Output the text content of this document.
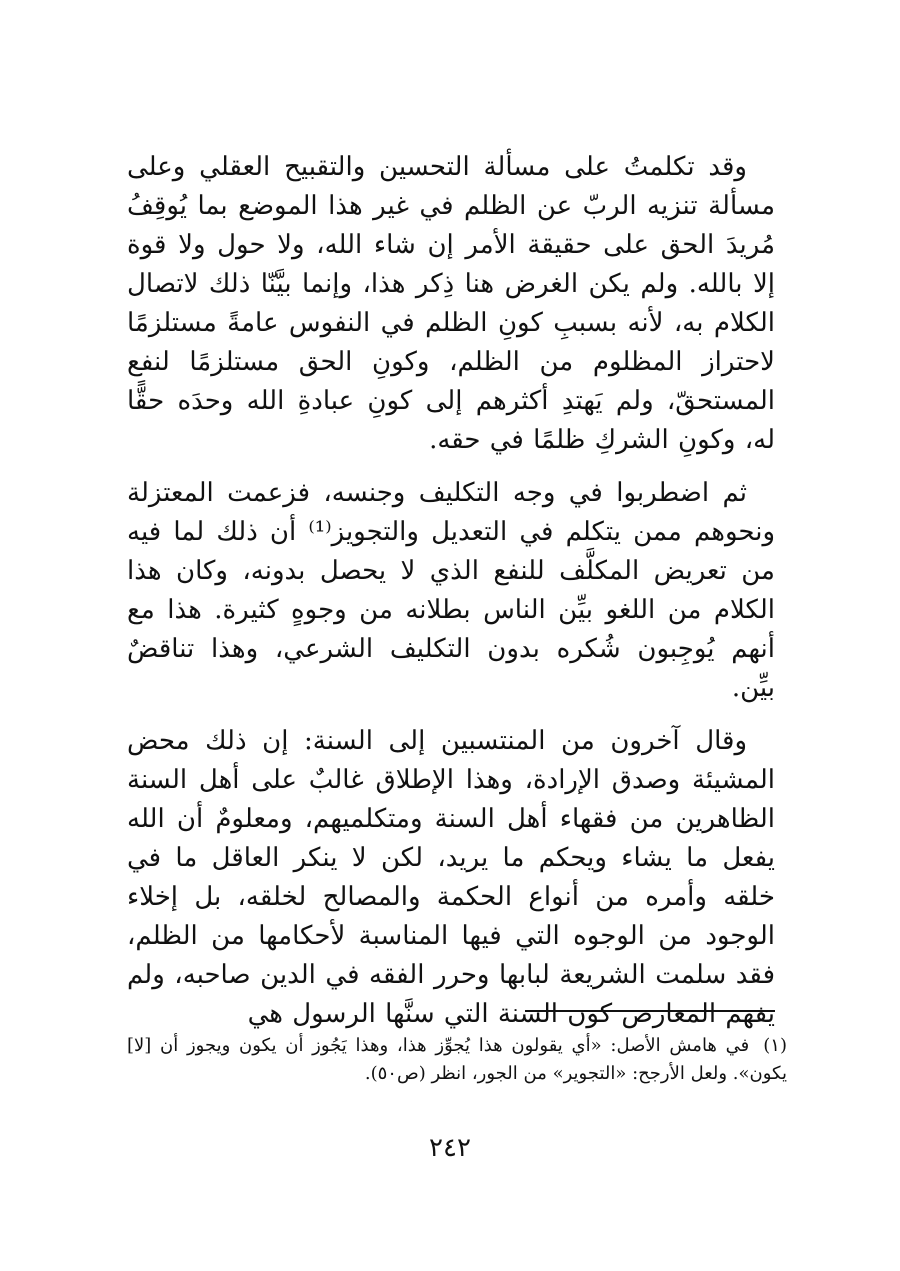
وقد تكلمتُ على مسألة التحسين والتقبيح العقلي وعلى مسألة تنزيه الربّ عن الظلم في غير هذا الموضع بما يُوقِفُ مُريدَ الحق على حقيقة الأمر إن شاء الله، ولا حول ولا قوة إلا بالله. ولم يكن الغرض هنا ذِكر هذا، وإنما بيَّنّا ذلك لاتصال الكلام به، لأنه بسببِ كونِ الظلم في النفوس عامةً مستلزمًا لاحتراز المظلوم من الظلم، وكونِ الحق مستلزمًا لنفع المستحقّ، ولم يَهتدِ أكثرهم إلى كونِ عبادةِ الله وحدَه حقًّا له، وكونِ الشركِ ظلمًا في حقه.

ثم اضطربوا في وجه التكليف وجنسه، فزعمت المعتزلة ونحوهم ممن يتكلم في التعديل والتجويز⁽¹⁾ أن ذلك لما فيه من تعريض المكلَّف للنفع الذي لا يحصل بدونه، وكان هذا الكلام من اللغو بيِّن الناس بطلانه من وجوهٍ كثيرة. هذا مع أنهم يُوجِبون شُكره بدون التكليف الشرعي، وهذا تناقضٌ بيِّن.

وقال آخرون من المنتسبين إلى السنة: إن ذلك محض المشيئة وصدق الإرادة، وهذا الإطلاق غالبٌ على أهل السنة الظاهرين من فقهاء أهل السنة ومتكلميهم، ومعلومٌ أن الله يفعل ما يشاء ويحكم ما يريد، لكن لا ينكر العاقل ما في خلقه وأمره من أنواع الحكمة والمصالح لخلقه، بل إخلاء الوجود من الوجوه التي فيها المناسبة لأحكامها من الظلم، فقد سلمت الشريعة لبابها وحرر الفقه في الدين صاحبه، ولم يفهم المعارض كون السنة التي سنَّها الرسول هي

(١)في هامش الأصل: «أي يقولون هذا يُجوِّز هذا، وهذا يَجُوز أن يكون ويجوز أن [لا] يكون». ولعل الأرجح: «التجوير» من الجور، انظر (ص٥٠).

٢٤٢
